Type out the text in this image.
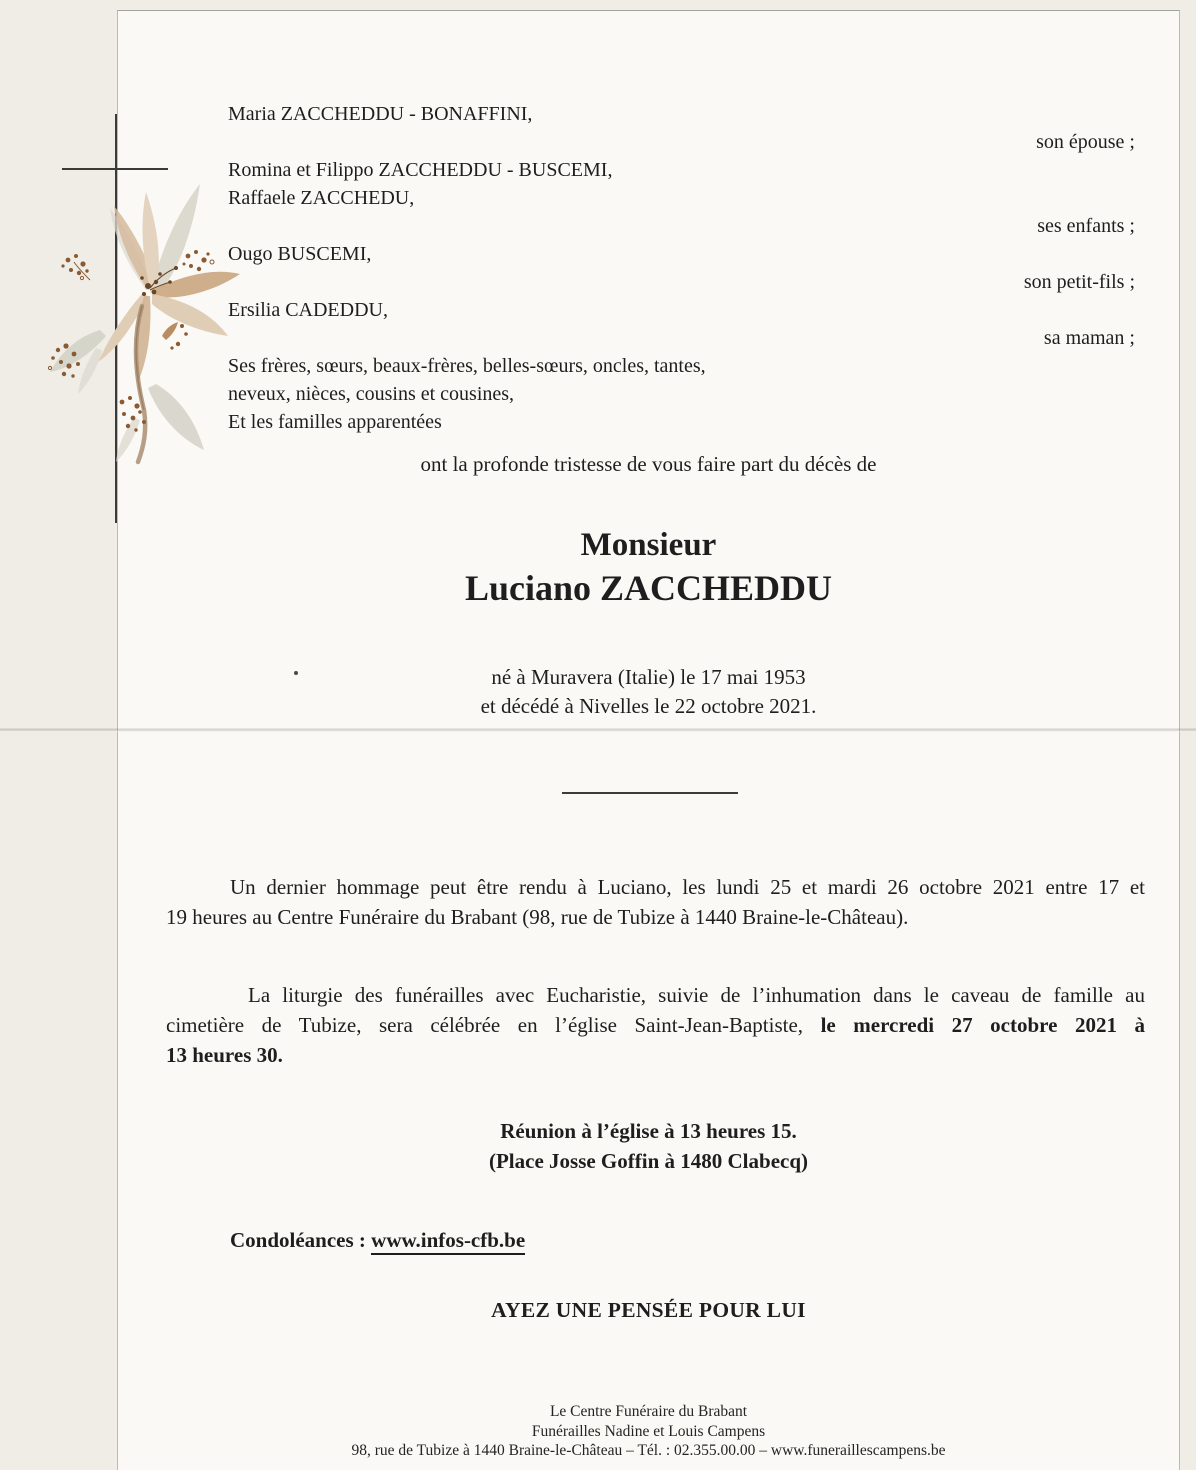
Maria ZACCHEDDU - BONAFFINI,
son épouse ;
Romina et Filippo ZACCHEDDU - BUSCEMI,
Raffaele ZACCHEDU,
ses enfants ;
Ougo BUSCEMI,
son petit-fils ;
Ersilia CADEDDU,
sa maman ;
Ses frères, sœurs, beaux-frères, belles-sœurs, oncles, tantes,
neveux, nièces, cousins et cousines,
Et les familles apparentées
ont la profonde tristesse de vous faire part du décès de
Monsieur
Luciano ZACCHEDDU
né à Muravera (Italie) le 17 mai 1953
et décédé à Nivelles le 22 octobre 2021.
Un dernier hommage peut être rendu à Luciano, les lundi 25 et mardi 26 octobre 2021 entre 17 et
19 heures au Centre Funéraire du Brabant (98, rue de Tubize à 1440 Braine-le-Château).
La liturgie des funérailles avec Eucharistie, suivie de l’inhumation dans le caveau de famille au
cimetière de Tubize, sera célébrée en l’église Saint-Jean-Baptiste, le mercredi 27 octobre 2021 à
13 heures 30.
Réunion à l’église à 13 heures 15.
(Place Josse Goffin à 1480 Clabecq)
Condoléances : www.infos-cfb.be
AYEZ UNE PENSÉE POUR LUI
Le Centre Funéraire du Brabant
Funérailles Nadine et Louis Campens
98, rue de Tubize à 1440 Braine-le-Château – Tél. : 02.355.00.00 – www.funeraillescampens.be
